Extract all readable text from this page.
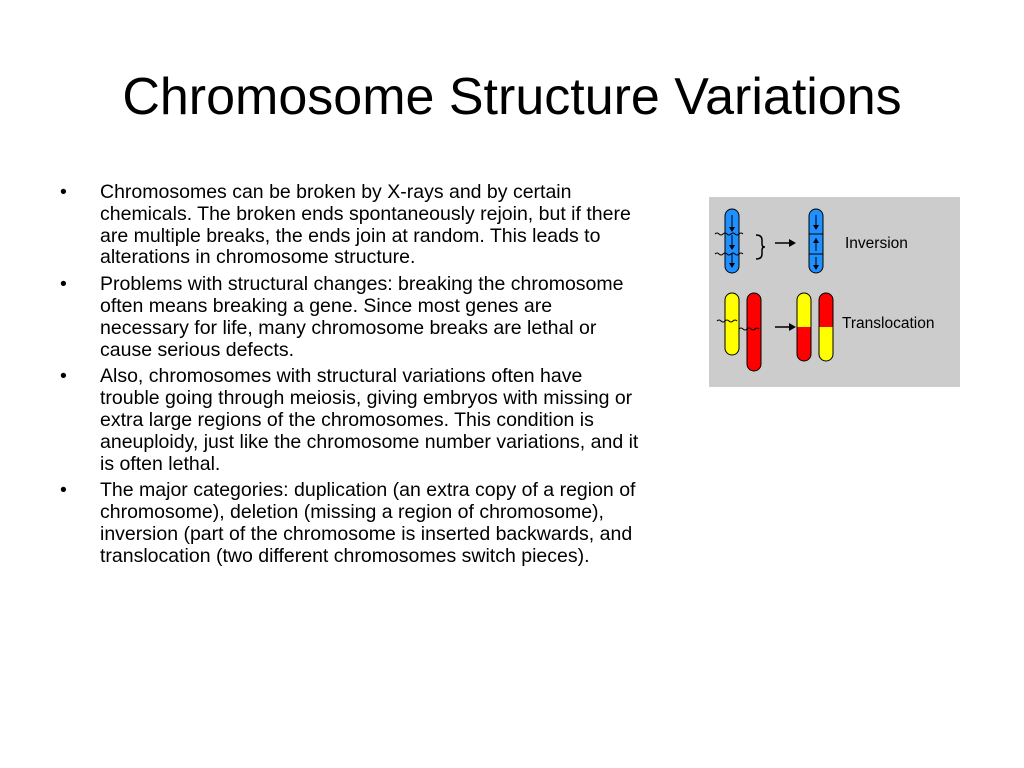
Chromosome Structure Variations
•	Chromosomes can be broken by X-rays and by certain chemicals. The broken ends spontaneously rejoin, but if there are multiple breaks, the ends join at random. This leads to alterations in chromosome structure.
•	Problems with structural changes: breaking the chromosome often means breaking a gene. Since most genes are necessary for life, many chromosome breaks are lethal or cause serious defects.
•	Also, chromosomes with structural variations often have trouble going through meiosis, giving embryos with missing or extra large regions of the chromosomes. This condition is aneuploidy, just like the chromosome number variations, and it is often lethal.
•	The major categories: duplication (an extra copy of a region of chromosome), deletion (missing a region of chromosome), inversion (part of the chromosome is inserted backwards, and translocation (two different chromosomes switch pieces).
Inversion
Translocation
